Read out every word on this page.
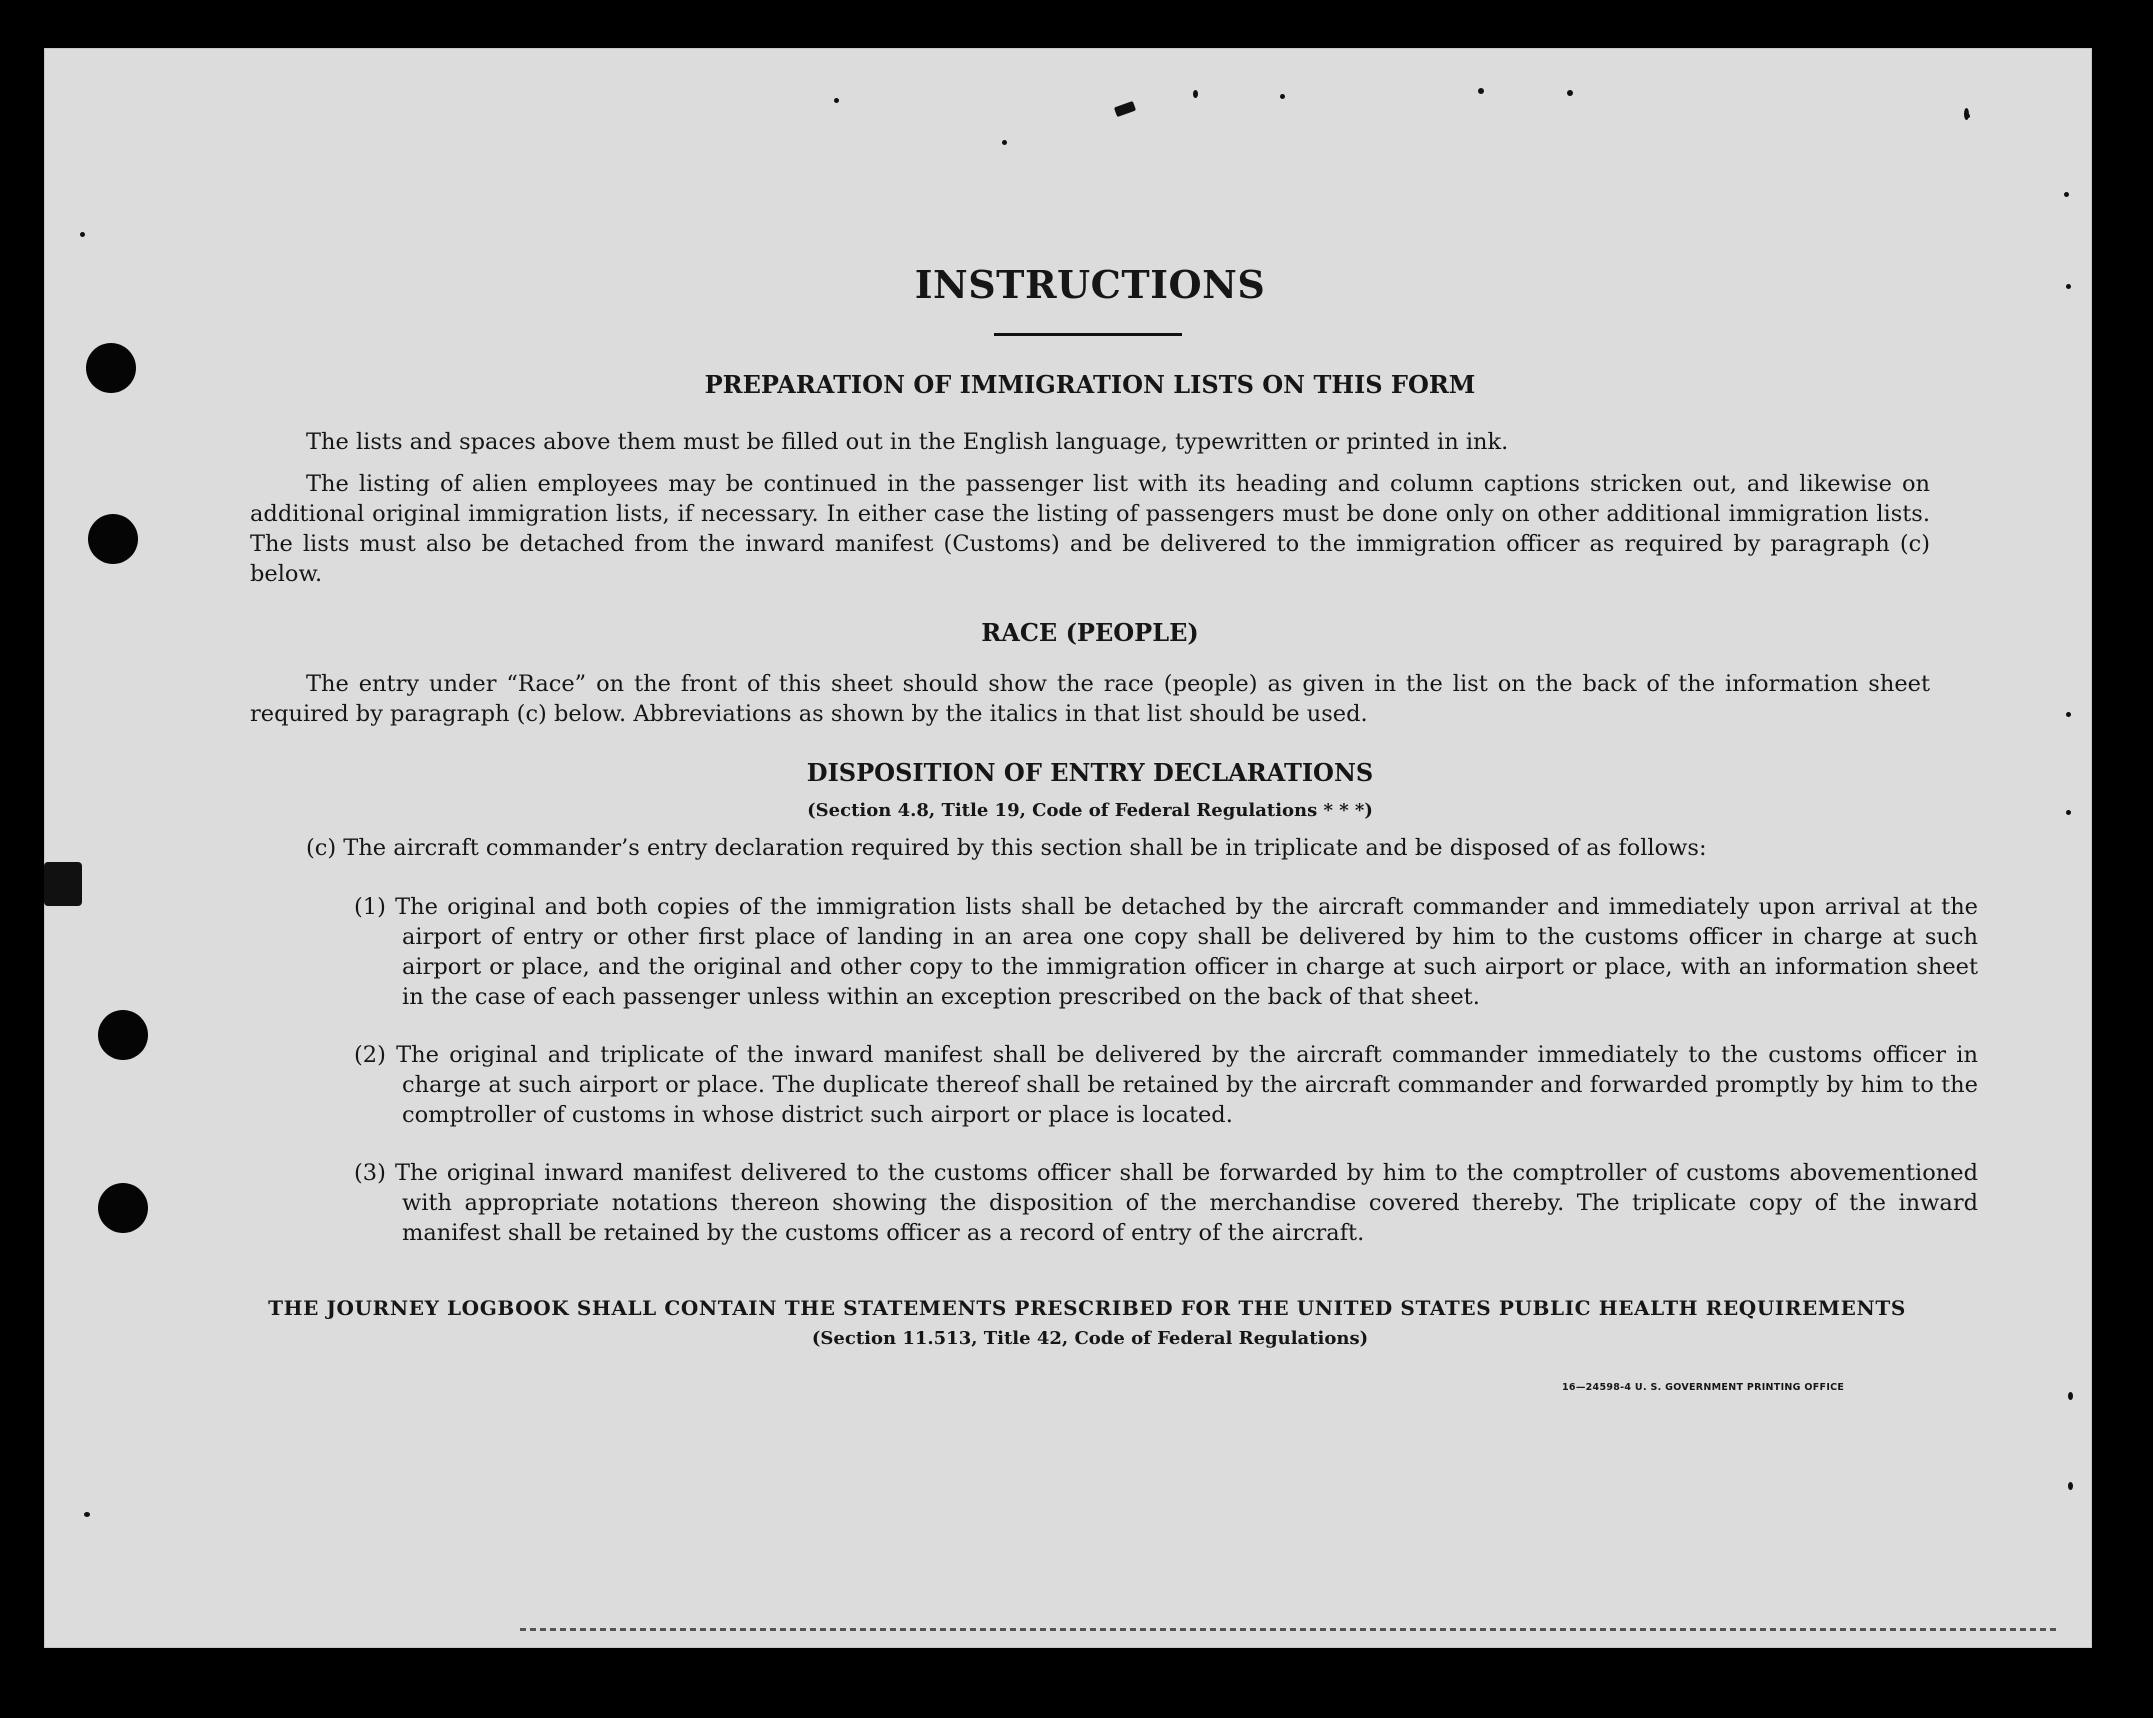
INSTRUCTIONS
PREPARATION OF IMMIGRATION LISTS ON THIS FORM

The lists and spaces above them must be filled out in the English language, typewritten or printed in ink.

The listing of alien employees may be continued in the passenger list with its heading and column captions stricken out, and likewise on additional original immigration lists, if necessary. In either case the listing of passengers must be done only on other additional immigration lists. The lists must also be detached from the inward manifest (Customs) and be delivered to the immigration officer as required by paragraph (c) below.

RACE (PEOPLE)

The entry under “Race” on the front of this sheet should show the race (people) as given in the list on the back of the information sheet required by paragraph (c) below. Abbreviations as shown by the italics in that list should be used.

DISPOSITION OF ENTRY DECLARATIONS

(Section 4.8, Title 19, Code of Federal Regulations * * *)

(c) The aircraft commander’s entry declaration required by this section shall be in triplicate and be disposed of as follows:

(1) The original and both copies of the immigration lists shall be detached by the aircraft commander and immediately upon arrival at the airport of entry or other first place of landing in an area one copy shall be delivered by him to the customs officer in charge at such airport or place, and the original and other copy to the immigration officer in charge at such airport or place, with an information sheet in the case of each passenger unless within an exception prescribed on the back of that sheet.

(2) The original and triplicate of the inward manifest shall be delivered by the aircraft commander immediately to the customs officer in charge at such airport or place. The duplicate thereof shall be retained by the aircraft commander and forwarded promptly by him to the comptroller of customs in whose district such airport or place is located.

(3) The original inward manifest delivered to the customs officer shall be forwarded by him to the comptroller of customs abovementioned with appropriate notations thereon showing the disposition of the merchandise covered thereby. The triplicate copy of the inward manifest shall be retained by the customs officer as a record of entry of the aircraft.

THE JOURNEY LOGBOOK SHALL CONTAIN THE STATEMENTS PRESCRIBED FOR THE UNITED STATES PUBLIC HEALTH REQUIREMENTS

(Section 11.513, Title 42, Code of Federal Regulations)

16—24598-4 U. S. GOVERNMENT PRINTING OFFICE
